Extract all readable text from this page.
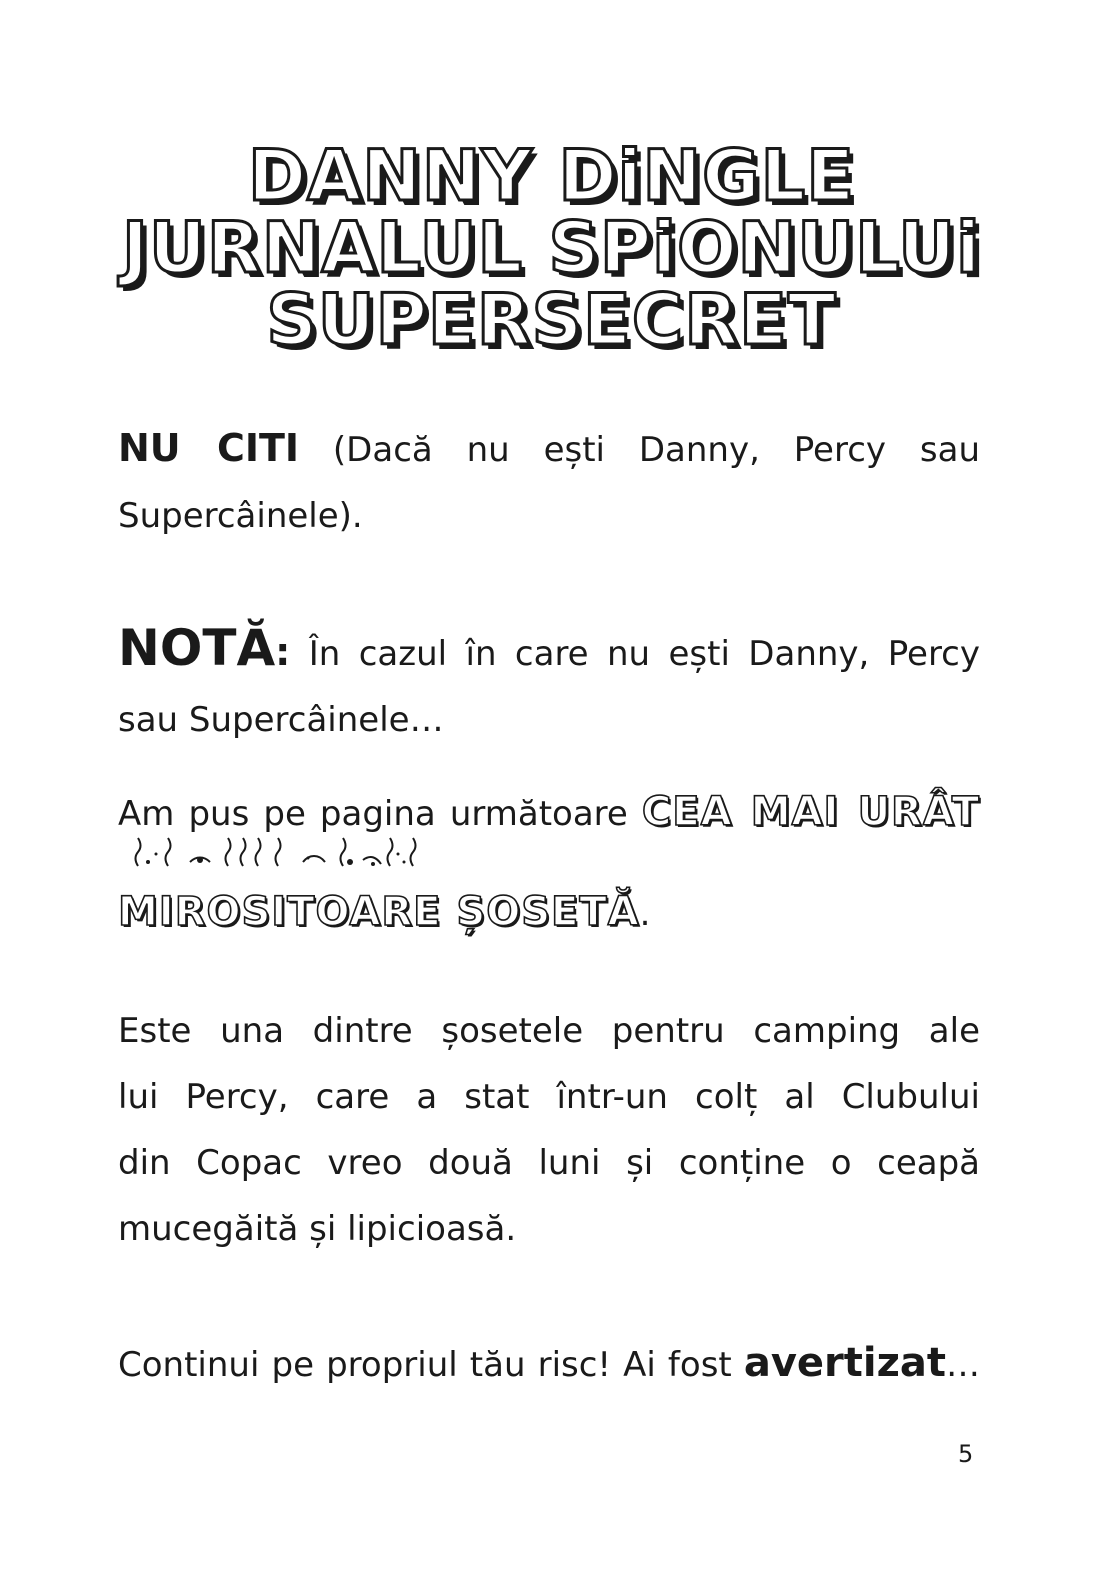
DANNY DiNGLE
JURNALUL SPiONULUi
SUPERSECRET
NU CITI (Dacă nu ești Danny, Percy sau
Supercâinele).
NOTĂ: În cazul în care nu ești Danny, Percy
sau Supercâinele…
Am pus pe pagina următoare CEA MAI URÂT
MIROSITOARE ȘOSETĂ.
Este una dintre șosetele pentru camping ale
lui Percy, care a stat într-un colț al Clubului
din Copac vreo două luni și conține o ceapă
mucegăită și lipicioasă.
Continui pe propriul tău risc! Ai fost avertizat…
5
